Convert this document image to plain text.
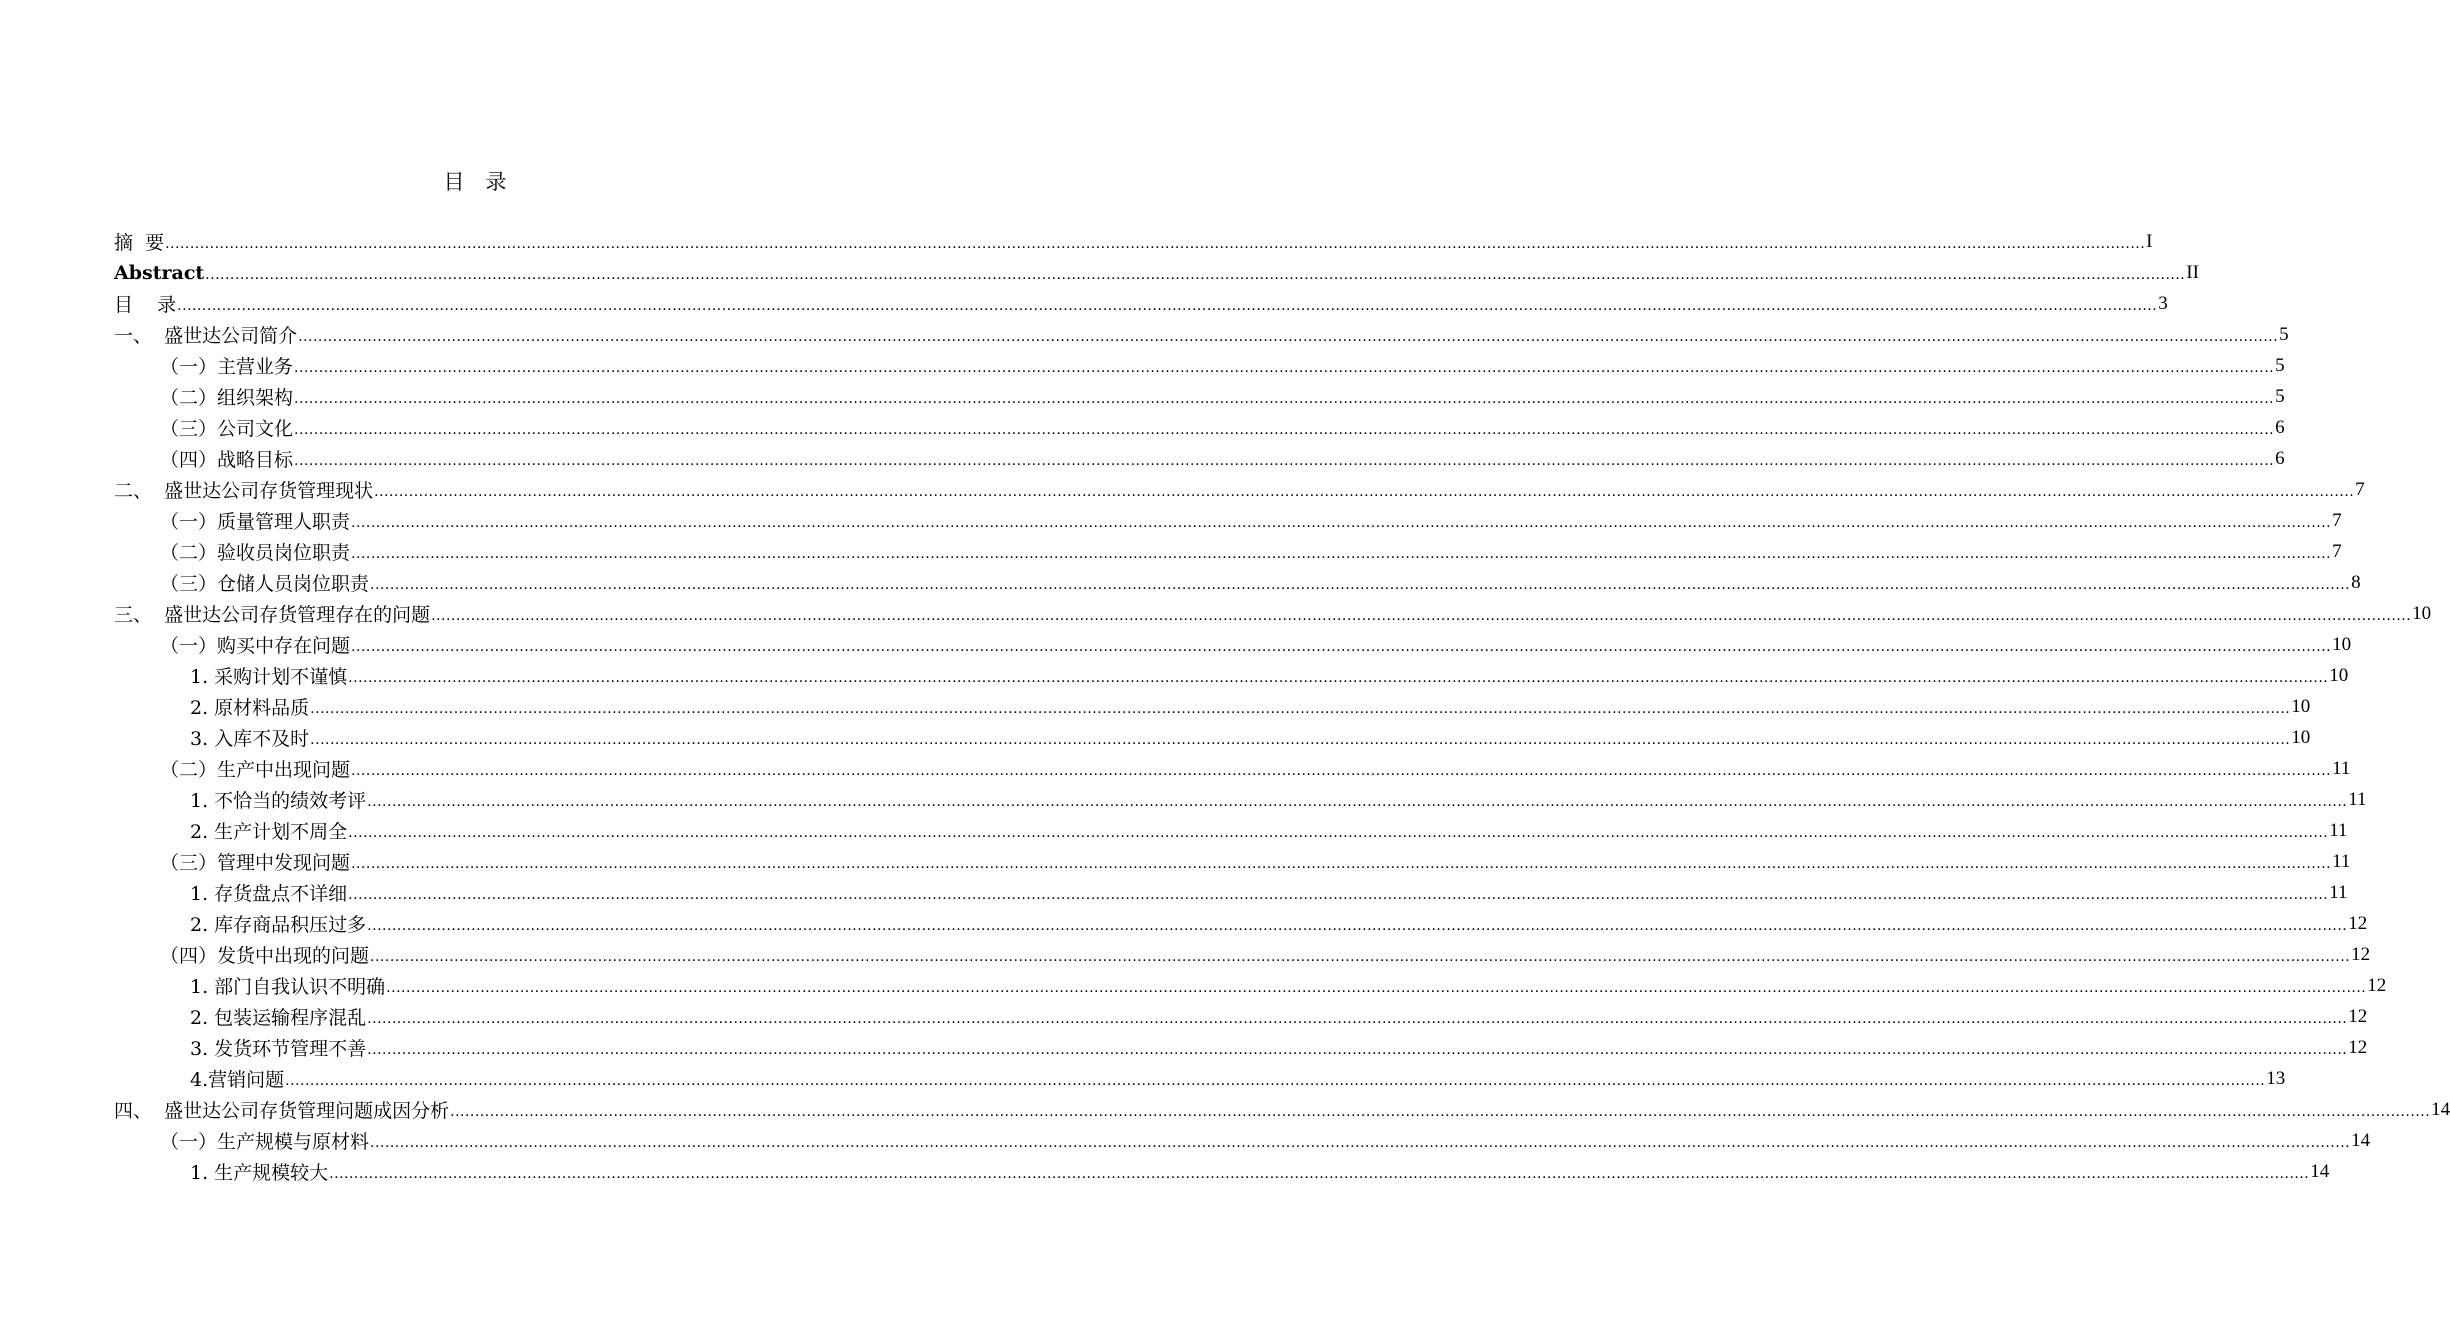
目　录
摘  要 ................................................................................................................................................................................................................................................................................................................................................................................................................ I
Abstract ................................................................................................................................................................................................................................................................................................................................................................................................................ II
目    录 ................................................................................................................................................................................................................................................................................................................................................................................................................ 3
一、  盛世达公司简介 ................................................................................................................................................................................................................................................................................................................................................................................................................ 5
（一）主营业务 ................................................................................................................................................................................................................................................................................................................................................................................................................ 5
（二）组织架构 ................................................................................................................................................................................................................................................................................................................................................................................................................ 5
（三）公司文化 ................................................................................................................................................................................................................................................................................................................................................................................................................ 6
（四）战略目标 ................................................................................................................................................................................................................................................................................................................................................................................................................ 6
二、  盛世达公司存货管理现状 ................................................................................................................................................................................................................................................................................................................................................................................................................ 7
（一）质量管理人职责 ................................................................................................................................................................................................................................................................................................................................................................................................................ 7
（二）验收员岗位职责 ................................................................................................................................................................................................................................................................................................................................................................................................................ 7
（三）仓储人员岗位职责 ................................................................................................................................................................................................................................................................................................................................................................................................................ 8
三、  盛世达公司存货管理存在的问题 ................................................................................................................................................................................................................................................................................................................................................................................................................ 10
（一）购买中存在问题 ................................................................................................................................................................................................................................................................................................................................................................................................................ 10
1. 采购计划不谨慎 ................................................................................................................................................................................................................................................................................................................................................................................................................ 10
2. 原材料品质 ................................................................................................................................................................................................................................................................................................................................................................................................................ 10
3. 入库不及时 ................................................................................................................................................................................................................................................................................................................................................................................................................ 10
（二）生产中出现问题 ................................................................................................................................................................................................................................................................................................................................................................................................................ 11
1. 不恰当的绩效考评 ................................................................................................................................................................................................................................................................................................................................................................................................................ 11
2. 生产计划不周全 ................................................................................................................................................................................................................................................................................................................................................................................................................ 11
（三）管理中发现问题 ................................................................................................................................................................................................................................................................................................................................................................................................................ 11
1. 存货盘点不详细 ................................................................................................................................................................................................................................................................................................................................................................................................................ 11
2. 库存商品积压过多 ................................................................................................................................................................................................................................................................................................................................................................................................................ 12
（四）发货中出现的问题 ................................................................................................................................................................................................................................................................................................................................................................................................................ 12
1. 部门自我认识不明确 ................................................................................................................................................................................................................................................................................................................................................................................................................ 12
2. 包装运输程序混乱 ................................................................................................................................................................................................................................................................................................................................................................................................................ 12
3. 发货环节管理不善 ................................................................................................................................................................................................................................................................................................................................................................................................................ 12
4.营销问题 ................................................................................................................................................................................................................................................................................................................................................................................................................ 13
四、  盛世达公司存货管理问题成因分析 ................................................................................................................................................................................................................................................................................................................................................................................................................ 14
（一）生产规模与原材料 ................................................................................................................................................................................................................................................................................................................................................................................................................ 14
1. 生产规模较大 ................................................................................................................................................................................................................................................................................................................................................................................................................ 14
